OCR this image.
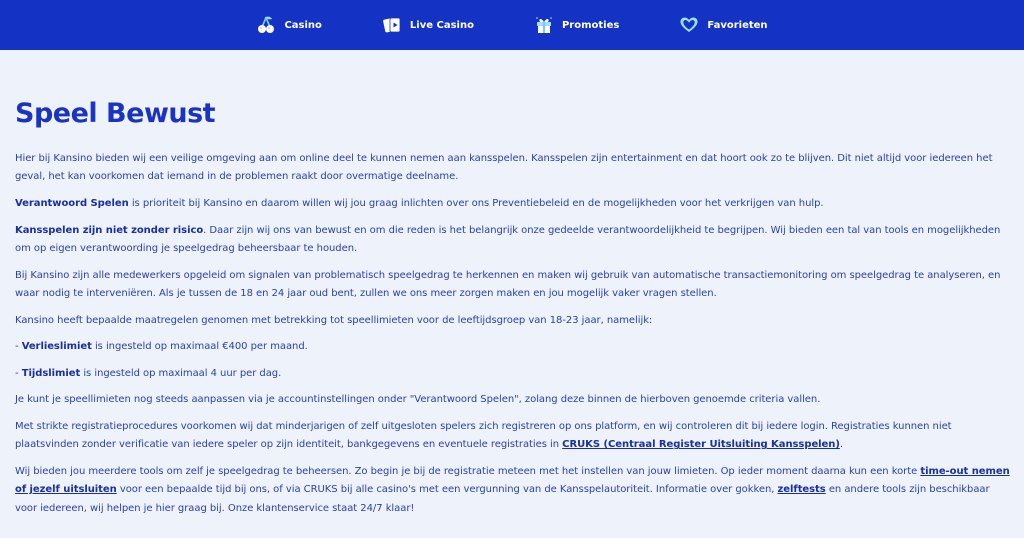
Casino	Live Casino	Promoties	Favorieten
Speel Bewust

Hier bij Kansino bieden wij een veilige omgeving aan om online deel te kunnen nemen aan kansspelen. Kansspelen zijn entertainment en dat hoort ook zo te blijven. Dit niet altijd voor iedereen het geval, het kan voorkomen dat iemand in de problemen raakt door overmatige deelname.

Verantwoord Spelen is prioriteit bij Kansino en daarom willen wij jou graag inlichten over ons Preventiebeleid en de mogelijkheden voor het verkrijgen van hulp.

Kansspelen zijn niet zonder risico. Daar zijn wij ons van bewust en om die reden is het belangrijk onze gedeelde verantwoordelijkheid te begrijpen. Wij bieden een tal van tools en mogelijkheden om op eigen verantwoording je speelgedrag beheersbaar te houden.

Bij Kansino zijn alle medewerkers opgeleid om signalen van problematisch speelgedrag te herkennen en maken wij gebruik van automatische transactiemonitoring om speelgedrag te analyseren, en waar nodig te interveniëren. Als je tussen de 18 en 24 jaar oud bent, zullen we ons meer zorgen maken en jou mogelijk vaker vragen stellen.

Kansino heeft bepaalde maatregelen genomen met betrekking tot speellimieten voor de leeftijdsgroep van 18-23 jaar, namelijk:

- Verlieslimiet is ingesteld op maximaal €400 per maand.

- Tijdslimiet is ingesteld op maximaal 4 uur per dag.

Je kunt je speellimieten nog steeds aanpassen via je accountinstellingen onder "Verantwoord Spelen", zolang deze binnen de hierboven genoemde criteria vallen.

Met strikte registratieprocedures voorkomen wij dat minderjarigen of zelf uitgesloten spelers zich registreren op ons platform, en wij controleren dit bij iedere login. Registraties kunnen niet plaatsvinden zonder verificatie van iedere speler op zijn identiteit, bankgegevens en eventuele registraties in CRUKS (Centraal Register Uitsluiting Kansspelen).

Wij bieden jou meerdere tools om zelf je speelgedrag te beheersen. Zo begin je bij de registratie meteen met het instellen van jouw limieten. Op ieder moment daarna kun een korte time-out nemen of jezelf uitsluiten voor een bepaalde tijd bij ons, of via CRUKS bij alle casino's met een vergunning van de Kansspelautoriteit. Informatie over gokken, zelftests en andere tools zijn beschikbaar voor iedereen, wij helpen je hier graag bij. Onze klantenservice staat 24/7 klaar!
